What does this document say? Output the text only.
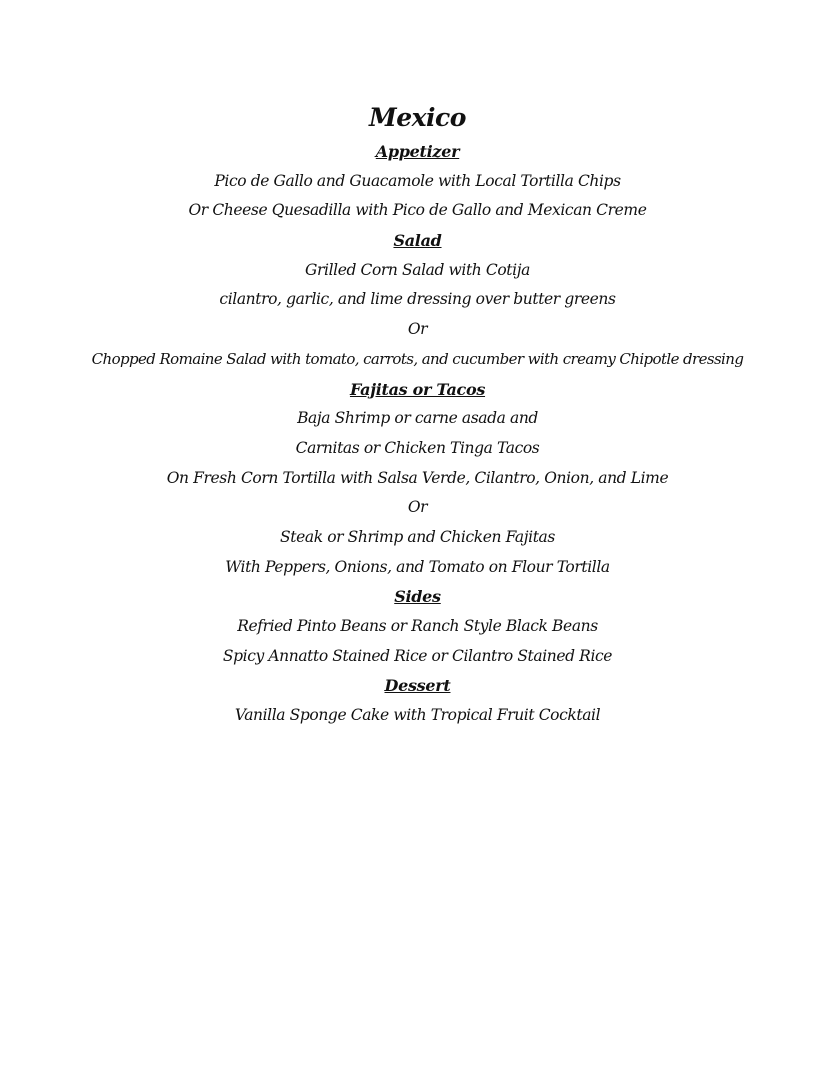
Mexico
Appetizer
Pico de Gallo and Guacamole with Local Tortilla Chips
Or Cheese Quesadilla with Pico de Gallo and Mexican Creme
Salad
Grilled Corn Salad with Cotija
cilantro, garlic, and lime dressing over butter greens
Or
Chopped Romaine Salad with tomato, carrots, and cucumber with creamy Chipotle dressing
Fajitas or Tacos
Baja Shrimp or carne asada and
Carnitas or Chicken Tinga Tacos
On Fresh Corn Tortilla with Salsa Verde, Cilantro, Onion, and Lime
Or
Steak or Shrimp and Chicken Fajitas
With Peppers, Onions, and Tomato on Flour Tortilla
Sides
Refried Pinto Beans or Ranch Style Black Beans
Spicy Annatto Stained Rice or Cilantro Stained Rice
Dessert
Vanilla Sponge Cake with Tropical Fruit Cocktail
